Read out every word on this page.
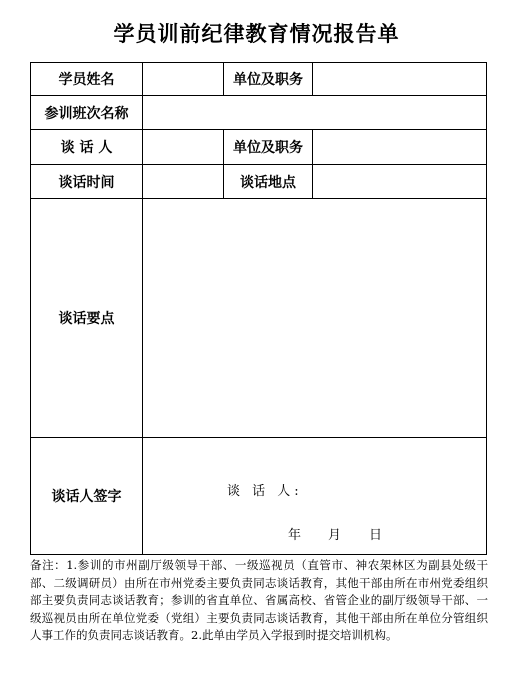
学员训前纪律教育情况报告单
学员姓名	单位及职务
参训班次名称
谈 话 人	单位及职务
谈话时间	谈话地点
谈话要点
谈话人签字	谈 话 人:
年 月 日
备注：1.参训的市州副厅级领导干部、一级巡视员（直管市、神农架林区为副县处级干部、二级调研员）由所在市州党委主要负责同志谈话教育，其他干部由所在市州党委组织部主要负责同志谈话教育；参训的省直单位、省属高校、省管企业的副厅级领导干部、一级巡视员由所在单位党委（党组）主要负责同志谈话教育，其他干部由所在单位分管组织人事工作的负责同志谈话教育。2.此单由学员入学报到时提交培训机构。
